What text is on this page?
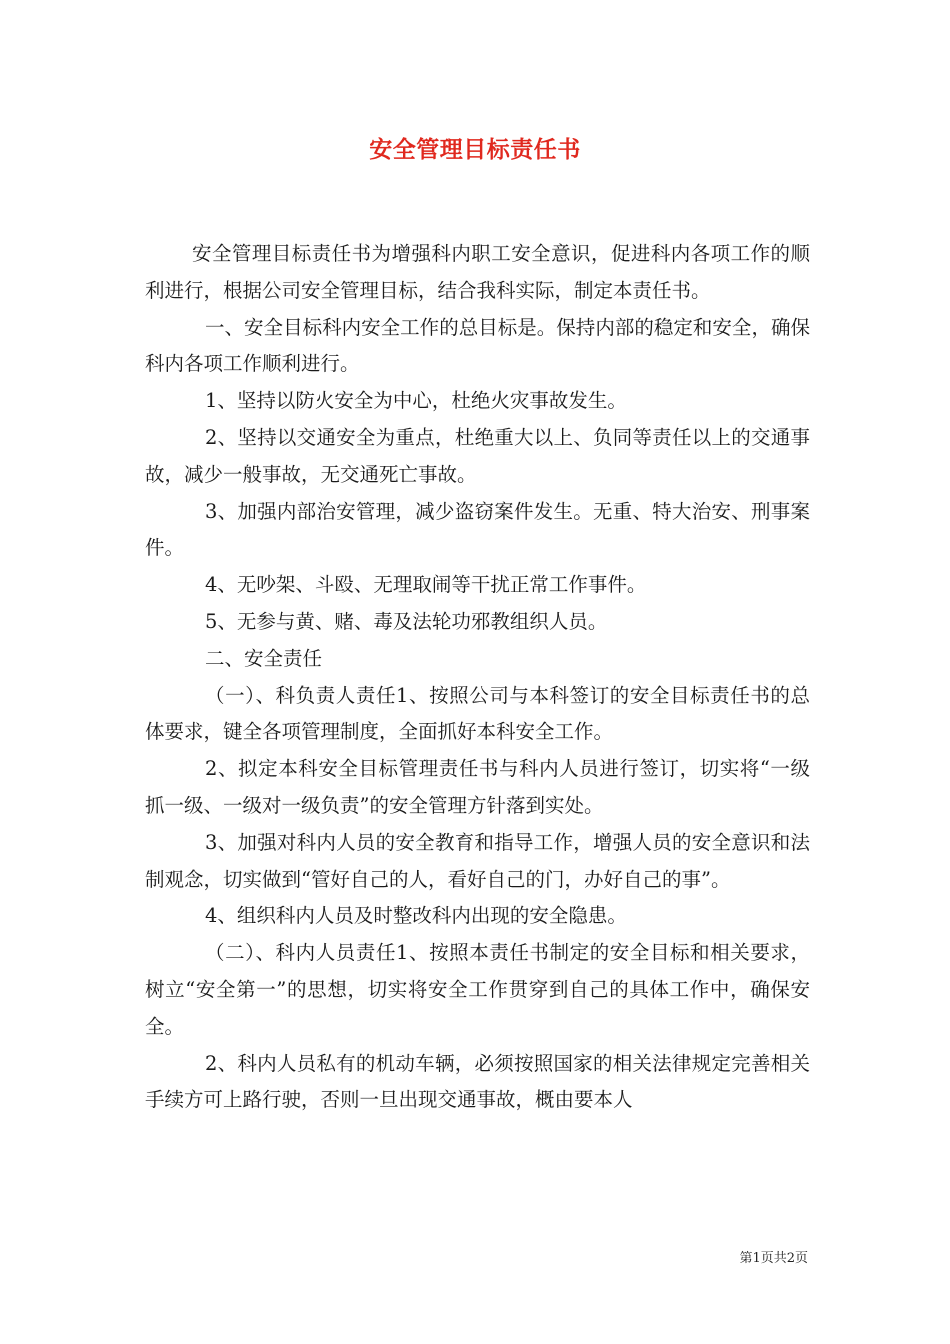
安全管理目标责任书

安全管理目标责任书为增强科内职工安全意识，促进科内各项工作的顺利进行，根据公司安全管理目标，结合我科实际，制定本责任书。

一、安全目标科内安全工作的总目标是。保持内部的稳定和安全，确保科内各项工作顺利进行。

1、坚持以防火安全为中心，杜绝火灾事故发生。

2、坚持以交通安全为重点，杜绝重大以上、负同等责任以上的交通事故，减少一般事故，无交通死亡事故。

3、加强内部治安管理，减少盗窃案件发生。无重、特大治安、刑事案件。

4、无吵架、斗殴、无理取闹等干扰正常工作事件。

5、无参与黄、赌、毒及法轮功邪教组织人员。

二、安全责任

（一）、科负责人责任1、按照公司与本科签订的安全目标责任书的总体要求，键全各项管理制度，全面抓好本科安全工作。

2、拟定本科安全目标管理责任书与科内人员进行签订，切实将“一级抓一级、一级对一级负责”的安全管理方针落到实处。

3、加强对科内人员的安全教育和指导工作，增强人员的安全意识和法制观念，切实做到“管好自己的人，看好自己的门，办好自己的事”。

4、组织科内人员及时整改科内出现的安全隐患。

（二）、科内人员责任1、按照本责任书制定的安全目标和相关要求，树立“安全第一”的思想，切实将安全工作贯穿到自己的具体工作中，确保安全。

2、科内人员私有的机动车辆，必须按照国家的相关法律规定完善相关手续方可上路行驶，否则一旦出现交通事故，概由要本人

第1页共2页
